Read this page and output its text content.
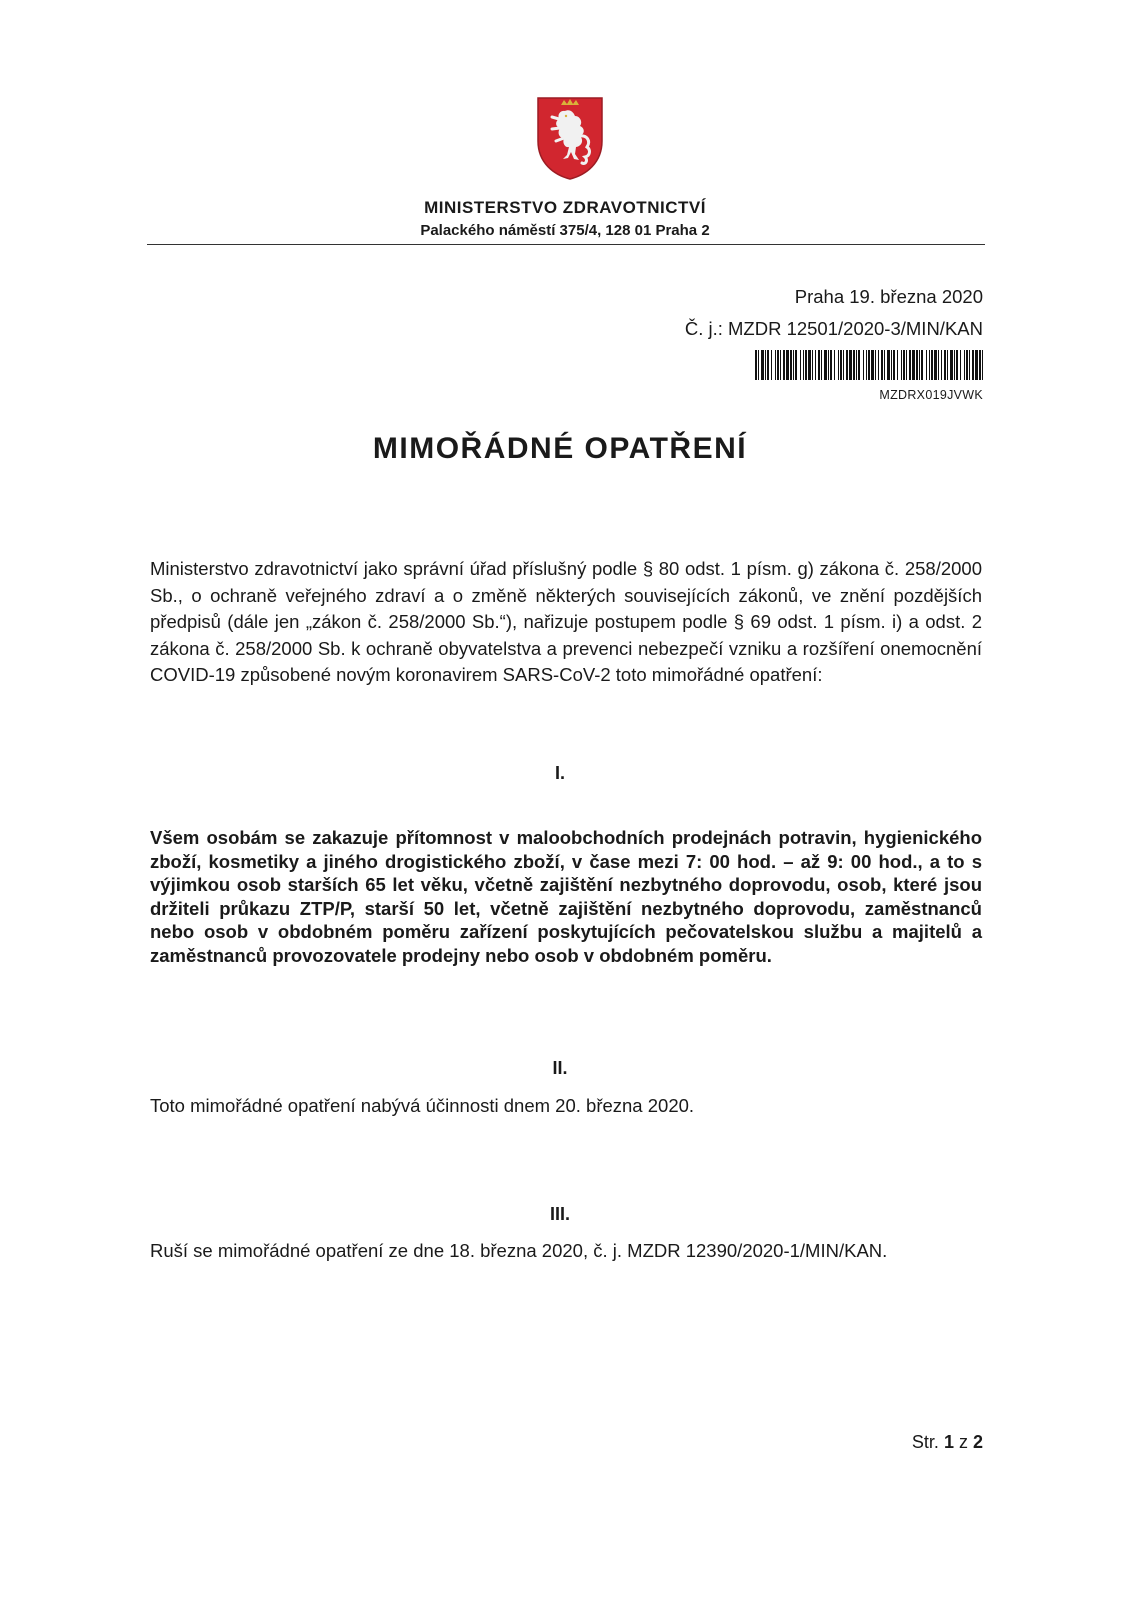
MINISTERSTVO ZDRAVOTNICTVÍ
Palackého náměstí 375/4, 128 01 Praha 2
Praha 19. března 2020
Č. j.: MZDR 12501/2020-3/MIN/KAN
MZDRX019JVWK
MIMOŘÁDNÉ OPATŘENÍ

Ministerstvo zdravotnictví jako správní úřad příslušný podle § 80 odst. 1 písm. g) zákona č. 258/2000 Sb., o ochraně veřejného zdraví a o změně některých souvisejících zákonů, ve znění pozdějších předpisů (dále jen „zákon č. 258/2000 Sb.“), nařizuje postupem podle § 69 odst. 1 písm. i) a odst. 2 zákona č. 258/2000 Sb. k ochraně obyvatelstva a prevenci nebezpečí vzniku a rozšíření onemocnění COVID-19 způsobené novým koronavirem SARS-CoV-2 toto mimořádné opatření:

I.

Všem osobám se zakazuje přítomnost v maloobchodních prodejnách potravin, hygienického zboží, kosmetiky a jiného drogistického zboží, v čase mezi 7: 00 hod. – až 9: 00 hod., a to s výjimkou osob starších 65 let věku, včetně zajištění nezbytného doprovodu, osob, které jsou držiteli průkazu ZTP/P, starší 50 let, včetně zajištění nezbytného doprovodu, zaměstnanců nebo osob v obdobném poměru zařízení poskytujících pečovatelskou službu a majitelů a zaměstnanců provozovatele prodejny nebo osob v obdobném poměru.

II.

Toto mimořádné opatření nabývá účinnosti dnem 20. března 2020.

III.

Ruší se mimořádné opatření ze dne 18. března 2020, č. j. MZDR 12390/2020-1/MIN/KAN.

Str. 1 z 2
